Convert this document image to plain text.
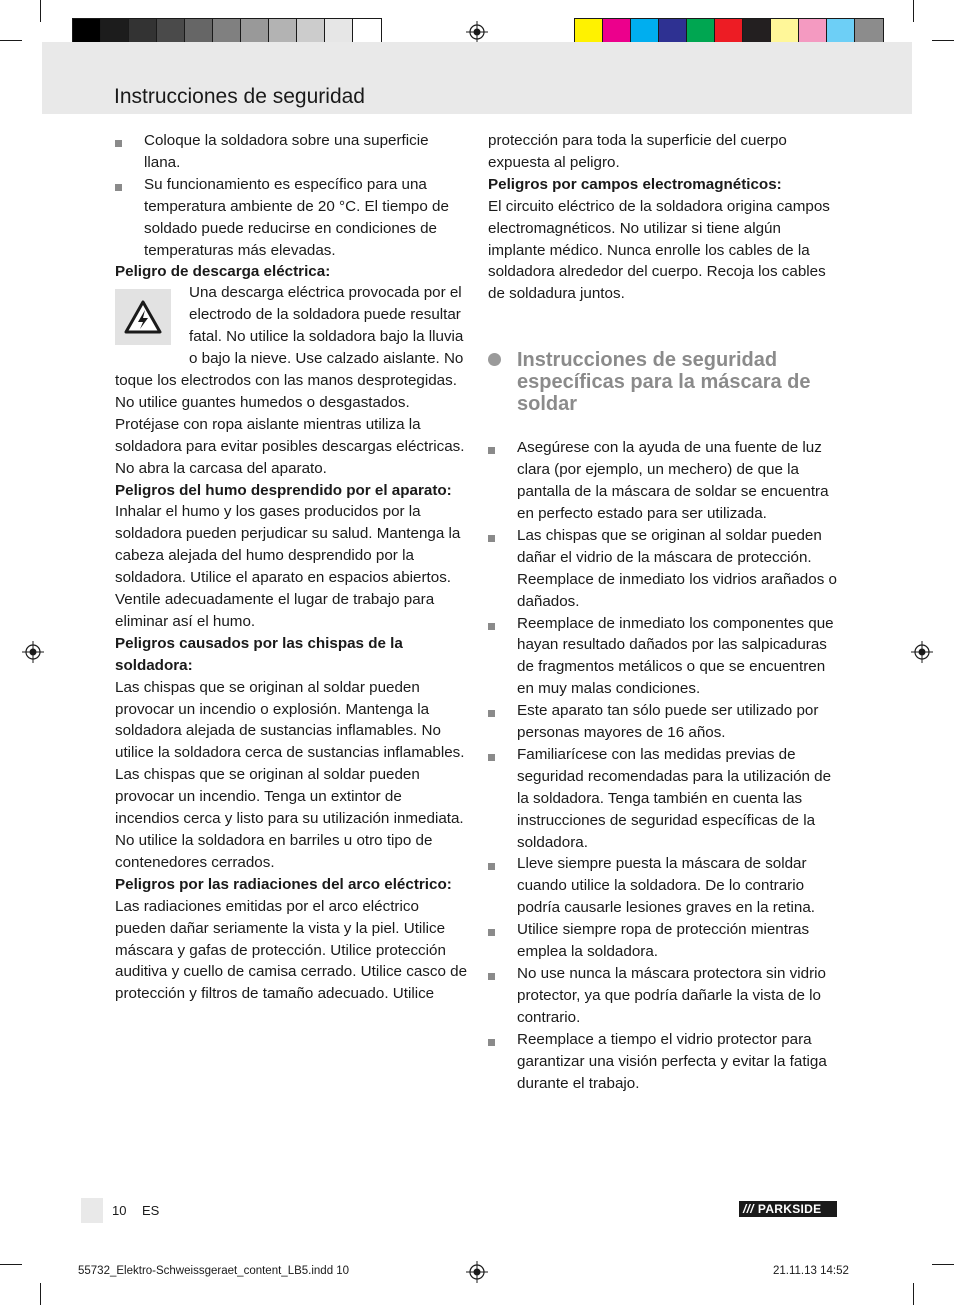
Instrucciones de seguridad
Coloque la soldadora sobre una superficie llana.
Su funcionamiento es específico para una temperatura ambiente de 20 °C. El tiempo de soldado puede reducirse en condiciones de temperaturas más elevadas.

Peligro de descarga eléctrica:

Una descarga eléctrica provocada por el electrodo de la soldadora puede resultar fatal. No utilice la soldadora bajo la lluvia o bajo la nieve. Use calzado aislante. No toque los electrodos con las manos desprotegidas. No utilice guantes humedos o desgastados. Protéjase con ropa aislante mientras utiliza la soldadora para evitar posibles descargas eléctricas. No abra la carcasa del aparato.

Peligros del humo desprendido por el aparato:

Inhalar el humo y los gases producidos por la soldadora pueden perjudicar su salud. Mantenga la cabeza alejada del humo desprendido por la soldadora. Utilice el aparato en espacios abiertos. Ventile adecuadamente el lugar de trabajo para eliminar así el humo.

Peligros causados por las chispas de la soldadora:

Las chispas que se originan al soldar pueden provocar un incendio o explosión. Mantenga la soldadora alejada de sustancias inflamables. No utilice la soldadora cerca de sustancias inflamables. Las chispas que se originan al soldar pueden provocar un incendio. Tenga un extintor de incendios cerca y listo para su utilización inmediata. No utilice la soldadora en barriles u otro tipo de contenedores cerrados.

Peligros por las radiaciones del arco eléctrico:

Las radiaciones emitidas por el arco eléctrico pueden dañar seriamente la vista y la piel. Utilice máscara y gafas de protección. Utilice protección auditiva y cuello de camisa cerrado. Utilice casco de protección y filtros de tamaño adecuado. Utilice

protección para toda la superficie del cuerpo expuesta al peligro.

Peligros por campos electromagnéticos:

El circuito eléctrico de la soldadora origina campos electromagnéticos. No utilizar si tiene algún implante médico. Nunca enrolle los cables de la soldadora alrededor del cuerpo. Recoja los cables de soldadura juntos.

Instrucciones de seguridad específicas para la máscara de soldar
Asegúrese con la ayuda de una fuente de luz clara (por ejemplo, un mechero) de que la pantalla de la máscara de soldar se encuentra en perfecto estado para ser utilizada.
Las chispas que se originan al soldar pueden dañar el vidrio de la máscara de protección. Reemplace de inmediato los vidrios arañados o dañados.
Reemplace de inmediato los componentes que hayan resultado dañados por las salpicaduras de fragmentos metálicos o que se encuentren en muy malas condiciones.
Este aparato tan sólo puede ser utilizado por personas mayores de 16 años.
Familiarícese con las medidas previas de seguridad recomendadas para la utilización de la soldadora. Tenga también en cuenta las instrucciones de seguridad específicas de la soldadora.
Lleve siempre puesta la máscara de soldar cuando utilice la soldadora. De lo contrario podría causarle lesiones graves en la retina.
Utilice siempre ropa de protección mientras emplea la soldadora.
No use nunca la máscara protectora sin vidrio protector, ya que podría dañarle la vista de lo contrario.
Reemplace a tiempo el vidrio protector para garantizar una visión perfecta y evitar la fatiga durante el trabajo.
10 ES	/// PARKSIDE
55732_Elektro-Schweissgeraet_content_LB5.indd 10	21.11.13 14:52
